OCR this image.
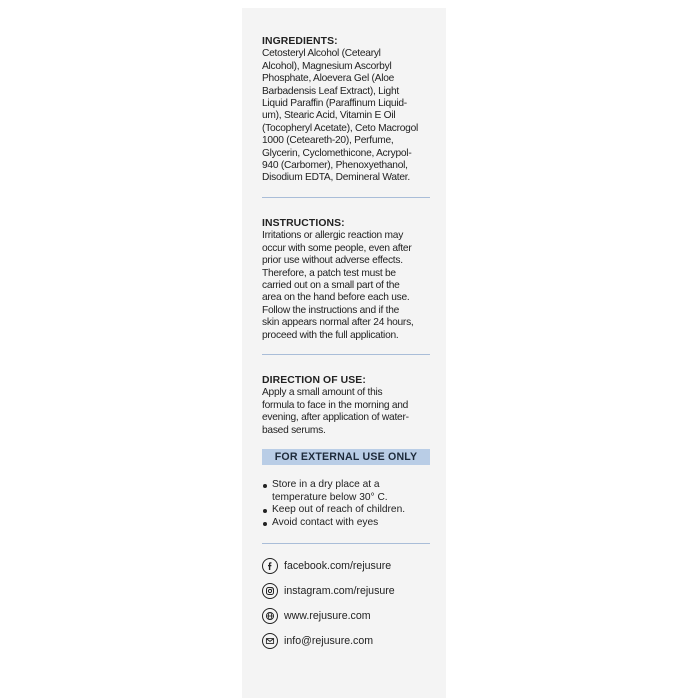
INGREDIENTS:

Cetosteryl Alcohol (Cetearyl
Alcohol), Magnesium Ascorbyl
Phosphate, Aloevera Gel (Aloe
Barbadensis Leaf Extract), Light
Liquid Paraffin (Paraffinum Liquid-
um), Stearic Acid, Vitamin E Oil
(Tocopheryl Acetate), Ceto Macrogol
1000 (Ceteareth-20), Perfume,
Glycerin, Cyclomethicone, Acrypol-
940 (Carbomer), Phenoxyethanol,
Disodium EDTA, Demineral Water.

INSTRUCTIONS:

Irritations or allergic reaction may
occur with some people, even after
prior use without adverse effects.
Therefore, a patch test must be
carried out on a small part of the
area on the hand before each use.
Follow the instructions and if the
skin appears normal after 24 hours,
proceed with the full application.

DIRECTION OF USE:

Apply a small amount of this
formula to face in the morning and
evening, after application of water-
based serums.
FOR EXTERNAL USE ONLY
Store in a dry place at a temperature below 30° C.
Keep out of reach of children.
Avoid contact with eyes
facebook.com/rejusure
instagram.com/rejusure
www.rejusure.com
info@rejusure.com
